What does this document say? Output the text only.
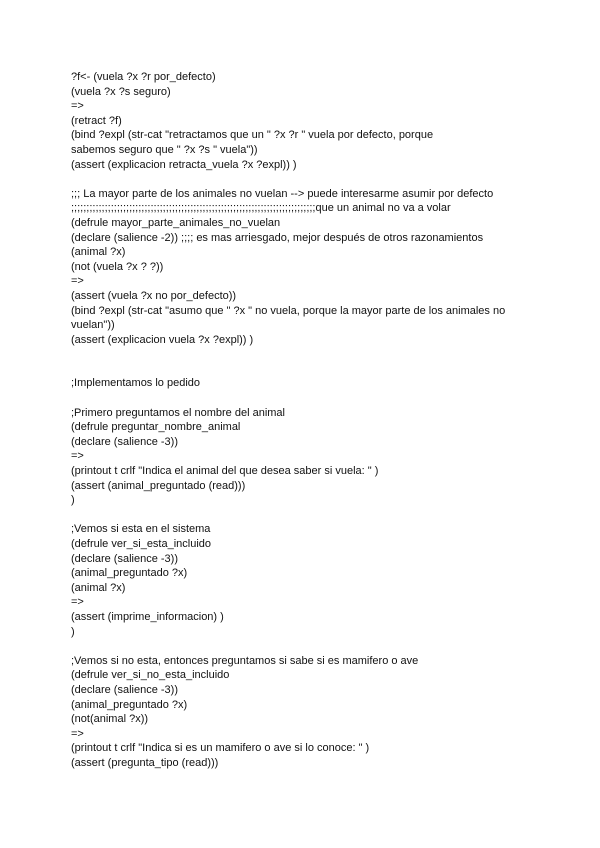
?f<- (vuela ?x ?r por_defecto)
(vuela ?x ?s seguro)
=>
(retract ?f)
(bind ?expl (str-cat "retractamos que un " ?x ?r " vuela por defecto, porque
sabemos seguro que " ?x ?s " vuela"))
(assert (explicacion retracta_vuela ?x ?expl)) )
;;; La mayor parte de los animales no vuelan --> puede interesarme asumir por defecto
;;;;;;;;;;;;;;;;;;;;;;;;;;;;;;;;;;;;;;;;;;;;;;;;;;;;;;;;;;;;;;;;;;;;;;;;;;;;;;;;que un animal no va a volar
(defrule mayor_parte_animales_no_vuelan
(declare (salience -2)) ;;;; es mas arriesgado, mejor después de otros razonamientos
(animal ?x)
(not (vuela ?x ? ?))
=>
(assert (vuela ?x no por_defecto))
(bind ?expl (str-cat "asumo que " ?x " no vuela, porque la mayor parte de los animales no
vuelan"))
(assert (explicacion vuela ?x ?expl)) )
;Implementamos lo pedido
;Primero preguntamos el nombre del animal
(defrule preguntar_nombre_animal
(declare (salience -3))
=>
(printout t crlf "Indica el animal del que desea saber si vuela: " )
(assert (animal_preguntado (read)))
)
;Vemos si esta en el sistema
(defrule ver_si_esta_incluido
(declare (salience -3))
(animal_preguntado ?x)
(animal ?x)
=>
(assert (imprime_informacion) )
)
;Vemos si no esta, entonces preguntamos si sabe si es mamifero o ave
(defrule ver_si_no_esta_incluido
(declare (salience -3))
(animal_preguntado ?x)
(not(animal ?x))
=>
(printout t crlf "Indica si es un mamifero o ave si lo conoce: " )
(assert (pregunta_tipo (read)))
